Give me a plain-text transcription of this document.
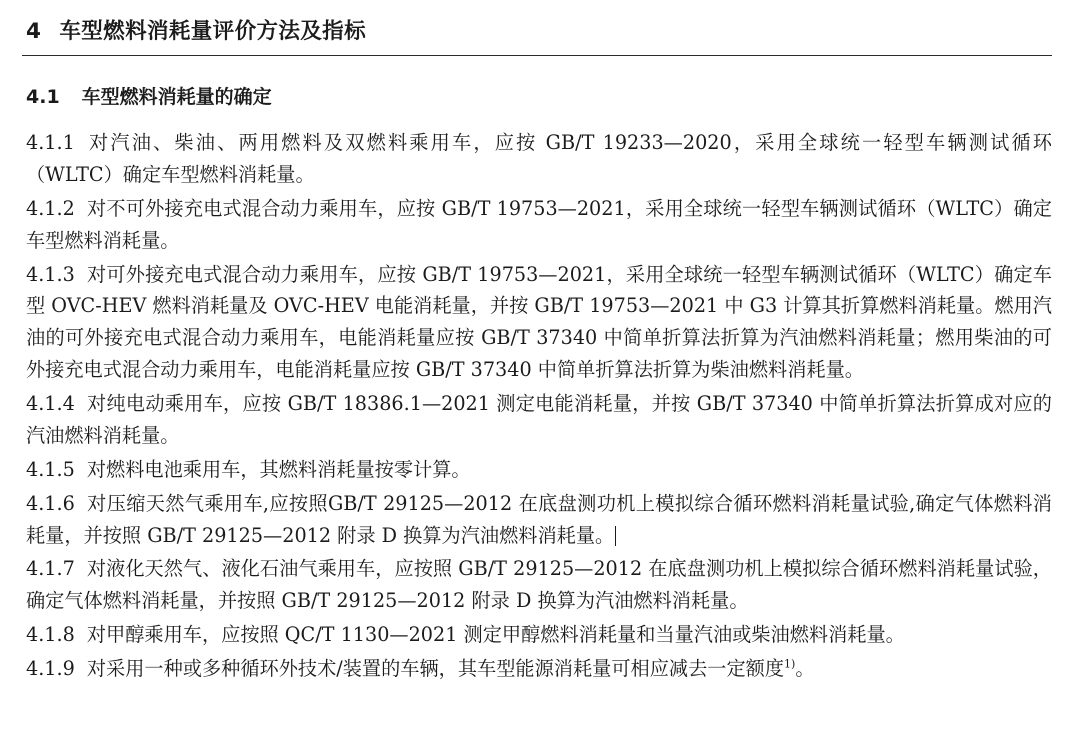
4 车型燃料消耗量评价方法及指标
4.1 车型燃料消耗量的确定

4.1.1 对汽油、柴油、两用燃料及双燃料乘用车，应按 GB/T 19233—2020，采用全球统一轻型车辆测试循环（WLTC）确定车型燃料消耗量。

4.1.2 对不可外接充电式混合动力乘用车，应按 GB/T 19753—2021，采用全球统一轻型车辆测试循环（WLTC）确定车型燃料消耗量。

4.1.3 对可外接充电式混合动力乘用车，应按 GB/T 19753—2021，采用全球统一轻型车辆测试循环（WLTC）确定车型 OVC-HEV 燃料消耗量及 OVC-HEV 电能消耗量，并按 GB/T 19753—2021 中 G3 计算其折算燃料消耗量。燃用汽油的可外接充电式混合动力乘用车，电能消耗量应按 GB/T 37340 中简单折算法折算为汽油燃料消耗量；燃用柴油的可外接充电式混合动力乘用车，电能消耗量应按 GB/T 37340 中简单折算法折算为柴油燃料消耗量。

4.1.4 对纯电动乘用车，应按 GB/T 18386.1—2021 测定电能消耗量，并按 GB/T 37340 中简单折算法折算成对应的汽油燃料消耗量。

4.1.5 对燃料电池乘用车，其燃料消耗量按零计算。

4.1.6 对压缩天然气乘用车,应按照GB/T 29125—2012 在底盘测功机上模拟综合循环燃料消耗量试验,确定气体燃料消耗量，并按照 GB/T 29125—2012 附录 D 换算为汽油燃料消耗量。

4.1.7 对液化天然气、液化石油气乘用车，应按照 GB/T 29125—2012 在底盘测功机上模拟综合循环燃料消耗量试验，确定气体燃料消耗量，并按照 GB/T 29125—2012 附录 D 换算为汽油燃料消耗量。

4.1.8 对甲醇乘用车，应按照 QC/T 1130—2021 测定甲醇燃料消耗量和当量汽油或柴油燃料消耗量。

4.1.9 对采用一种或多种循环外技术/装置的车辆，其车型能源消耗量可相应减去一定额度$^{1)}$。
